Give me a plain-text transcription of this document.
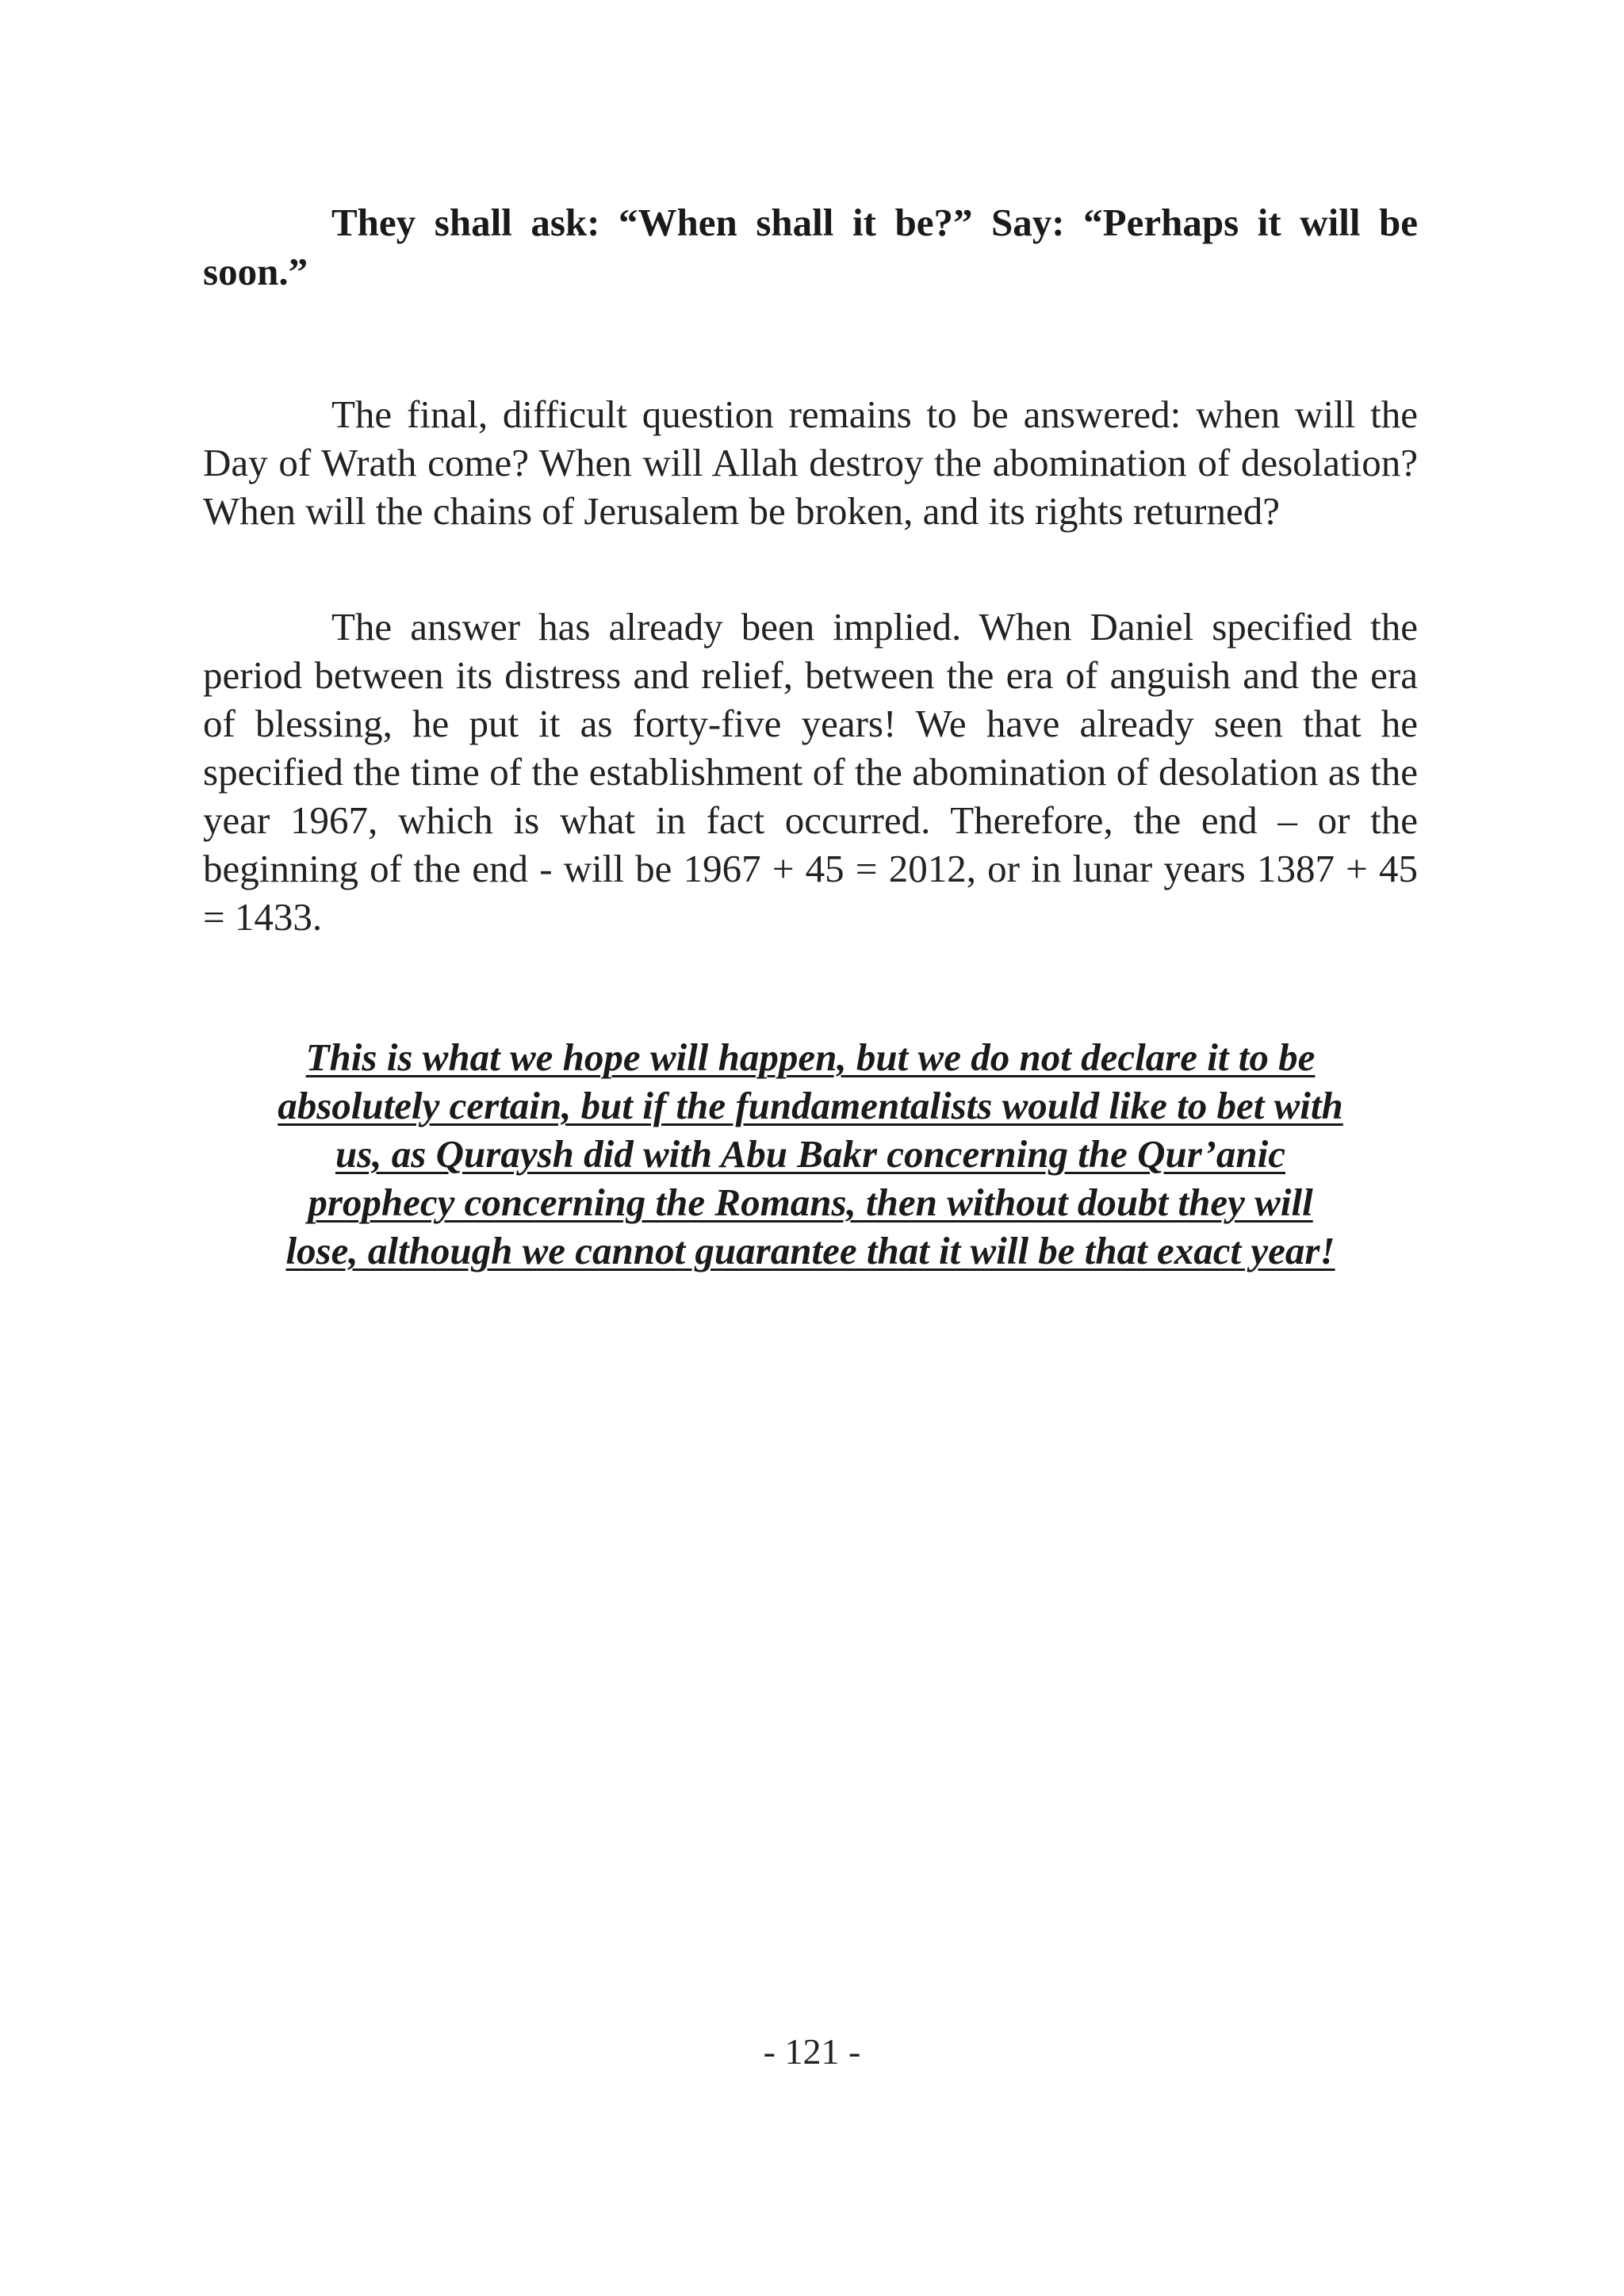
They shall ask: “When shall it be?” Say: “Perhaps it will be soon.”

The final, difficult question remains to be answered: when will the Day of Wrath come? When will Allah destroy the abomination of desolation? When will the chains of Jerusalem be broken, and its rights returned?

The answer has already been implied. When Daniel specified the period between its distress and relief, between the era of anguish and the era of blessing, he put it as forty-five years! We have already seen that he specified the time of the establishment of the abomination of desolation as the year 1967, which is what in fact occurred. Therefore, the end – or the beginning of the end - will be 1967 + 45 = 2012, or in lunar years 1387 + 45 = 1433.

This is what we hope will happen, but we do not declare it to be
absolutely certain, but if the fundamentalists would like to bet with
us, as Quraysh did with Abu Bakr concerning the Qur’anic
prophecy concerning the Romans, then without doubt they will
lose, although we cannot guarantee that it will be that exact year!

- 121 -
